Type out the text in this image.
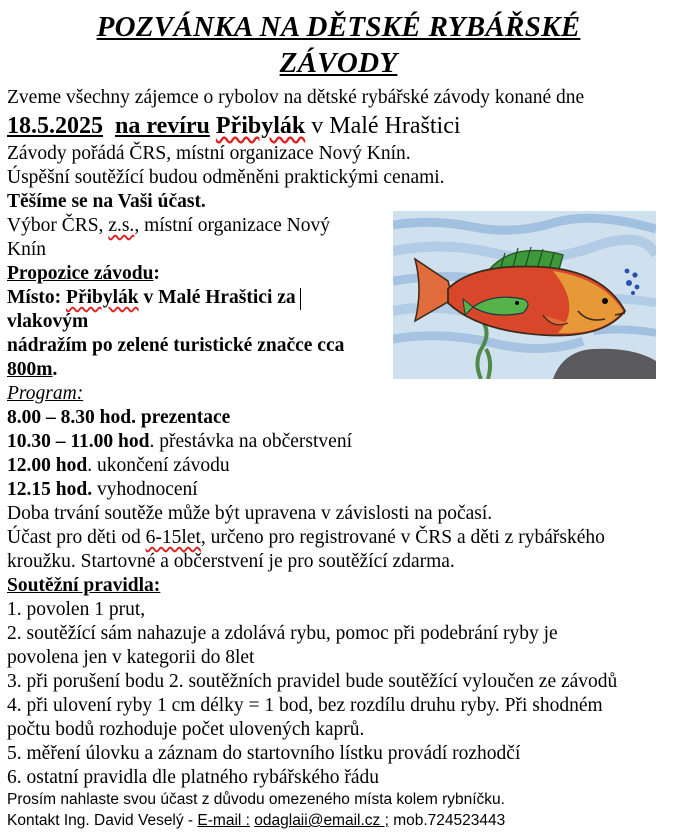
POZVÁNKA NA DĚTSKÉ RYBÁŘSKÉ
ZÁVODY
Zveme všechny zájemce o rybolov na dětské rybářské závody konané dne
18.5.2025 na revíru Přibylák v Malé Hraštici
Závody pořádá ČRS, místní organizace Nový Knín.
Úspěšní soutěžící budou odměněni praktickými cenami.
Těšíme se na Vaši účast.
Výbor ČRS, z.s., místní organizace Nový
Knín
Propozice závodu:
Místo: Přibylák v Malé Hraštici za
vlakovým
nádražím po zelené turistické značce cca
800m.
Program:
8.00 – 8.30 hod. prezentace
10.30 – 11.00 hod. přestávka na občerstvení
12.00 hod. ukončení závodu
12.15 hod. vyhodnocení
Doba trvání soutěže může být upravena v závislosti na počasí.
Účast pro děti od 6-15let, určeno pro registrované v ČRS a děti z rybářského
kroužku. Startovné a občerstvení je pro soutěžící zdarma.
Soutěžní pravidla:
1. povolen 1 prut,
2. soutěžící sám nahazuje a zdolává rybu, pomoc při podebrání ryby je
povolena jen v kategorii do 8let
3. při porušení bodu 2. soutěžních pravidel bude soutěžící vyloučen ze závodů
4. při ulovení ryby 1 cm délky = 1 bod, bez rozdílu druhu ryby. Při shodném
počtu bodů rozhoduje počet ulovených kaprů.
5. měření úlovku a záznam do startovního lístku provádí rozhodčí
6. ostatní pravidla dle platného rybářského řádu
Prosím nahlaste svou účast z důvodu omezeného místa kolem rybníčku.
Kontakt Ing. David Veselý - E-mail : odaglaii@email.cz ; mob.724523443
